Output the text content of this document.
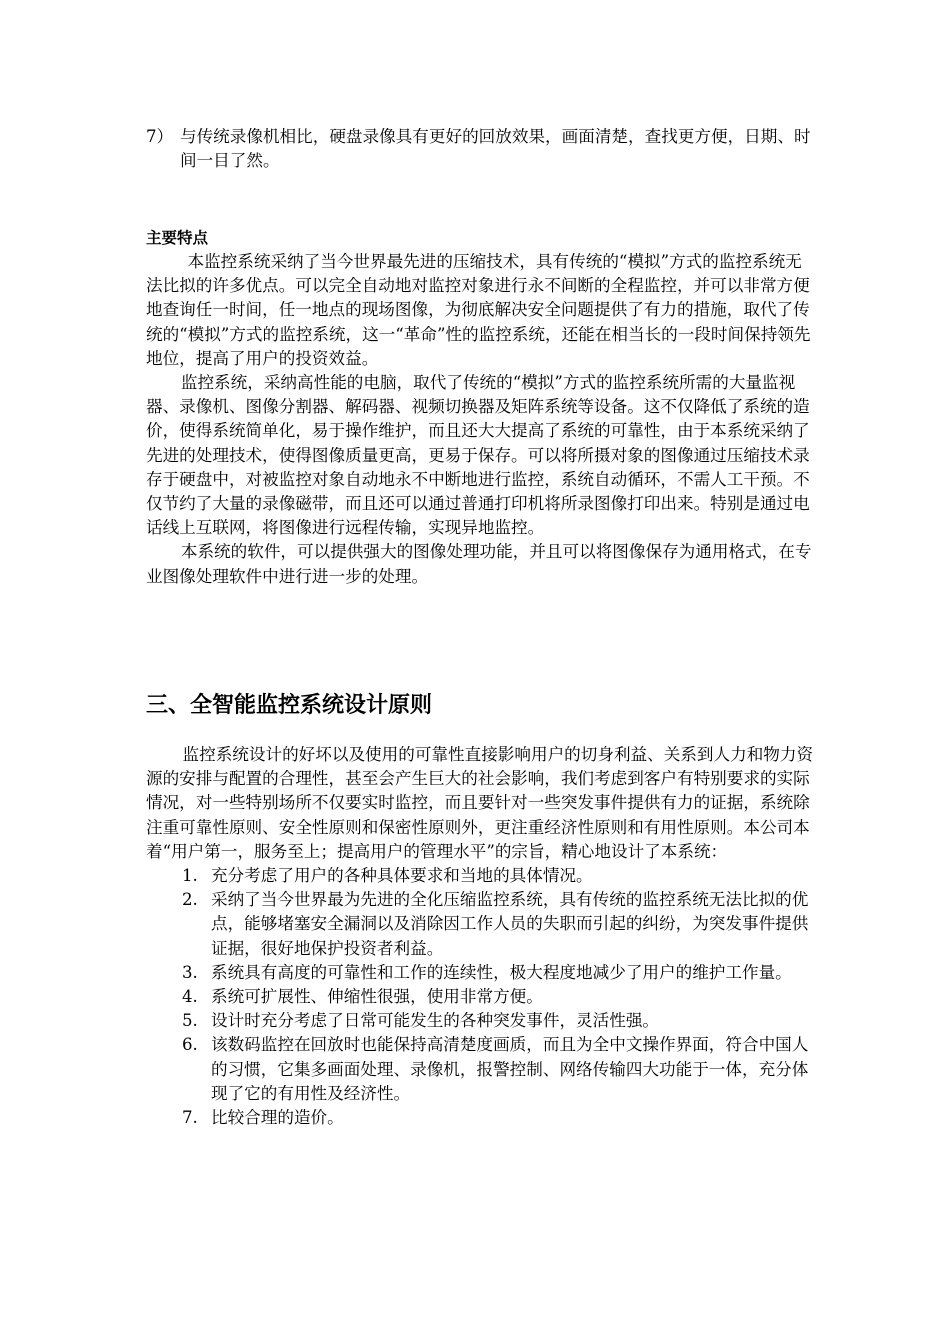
7） 与传统录像机相比，硬盘录像具有更好的回放效果，画面清楚，查找更方便，日期、时间一目了然。
主要特点

本监控系统采纳了当今世界最先进的压缩技术，具有传统的“模拟”方式的监控系统无法比拟的许多优点。可以完全自动地对监控对象进行永不间断的全程监控，并可以非常方便地查询任一时间，任一地点的现场图像，为彻底解决安全问题提供了有力的措施，取代了传统的“模拟”方式的监控系统，这一“革命”性的监控系统，还能在相当长的一段时间保持领先地位，提高了用户的投资效益。

监控系统，采纳高性能的电脑，取代了传统的“模拟”方式的监控系统所需的大量监视器、录像机、图像分割器、解码器、视频切换器及矩阵系统等设备。这不仅降低了系统的造价，使得系统简单化，易于操作维护，而且还大大提高了系统的可靠性，由于本系统采纳了先进的处理技术，使得图像质量更高，更易于保存。可以将所摄对象的图像通过压缩技术录存于硬盘中，对被监控对象自动地永不中断地进行监控，系统自动循环，不需人工干预。不仅节约了大量的录像磁带，而且还可以通过普通打印机将所录图像打印出来。特别是通过电话线上互联网，将图像进行远程传输，实现异地监控。

本系统的软件，可以提供强大的图像处理功能，并且可以将图像保存为通用格式，在专业图像处理软件中进行进一步的处理。

三、全智能监控系统设计原则

监控系统设计的好坏以及使用的可靠性直接影响用户的切身利益、关系到人力和物力资源的安排与配置的合理性，甚至会产生巨大的社会影响，我们考虑到客户有特别要求的实际情况，对一些特别场所不仅要实时监控，而且要针对一些突发事件提供有力的证据，系统除注重可靠性原则、安全性原则和保密性原则外，更注重经济性原则和有用性原则。本公司本着“用户第一，服务至上；提高用户的管理水平”的宗旨，精心地设计了本系统：

1. 充分考虑了用户的各种具体要求和当地的具体情况。
2. 采纳了当今世界最为先进的全化压缩监控系统，具有传统的监控系统无法比拟的优点，能够堵塞安全漏洞以及消除因工作人员的失职而引起的纠纷，为突发事件提供证据，很好地保护投资者利益。
3. 系统具有高度的可靠性和工作的连续性，极大程度地减少了用户的维护工作量。
4. 系统可扩展性、伸缩性很强，使用非常方便。
5. 设计时充分考虑了日常可能发生的各种突发事件，灵活性强。
6. 该数码监控在回放时也能保持高清楚度画质，而且为全中文操作界面，符合中国人的习惯，它集多画面处理、录像机，报警控制、网络传输四大功能于一体，充分体现了它的有用性及经济性。
7. 比较合理的造价。
